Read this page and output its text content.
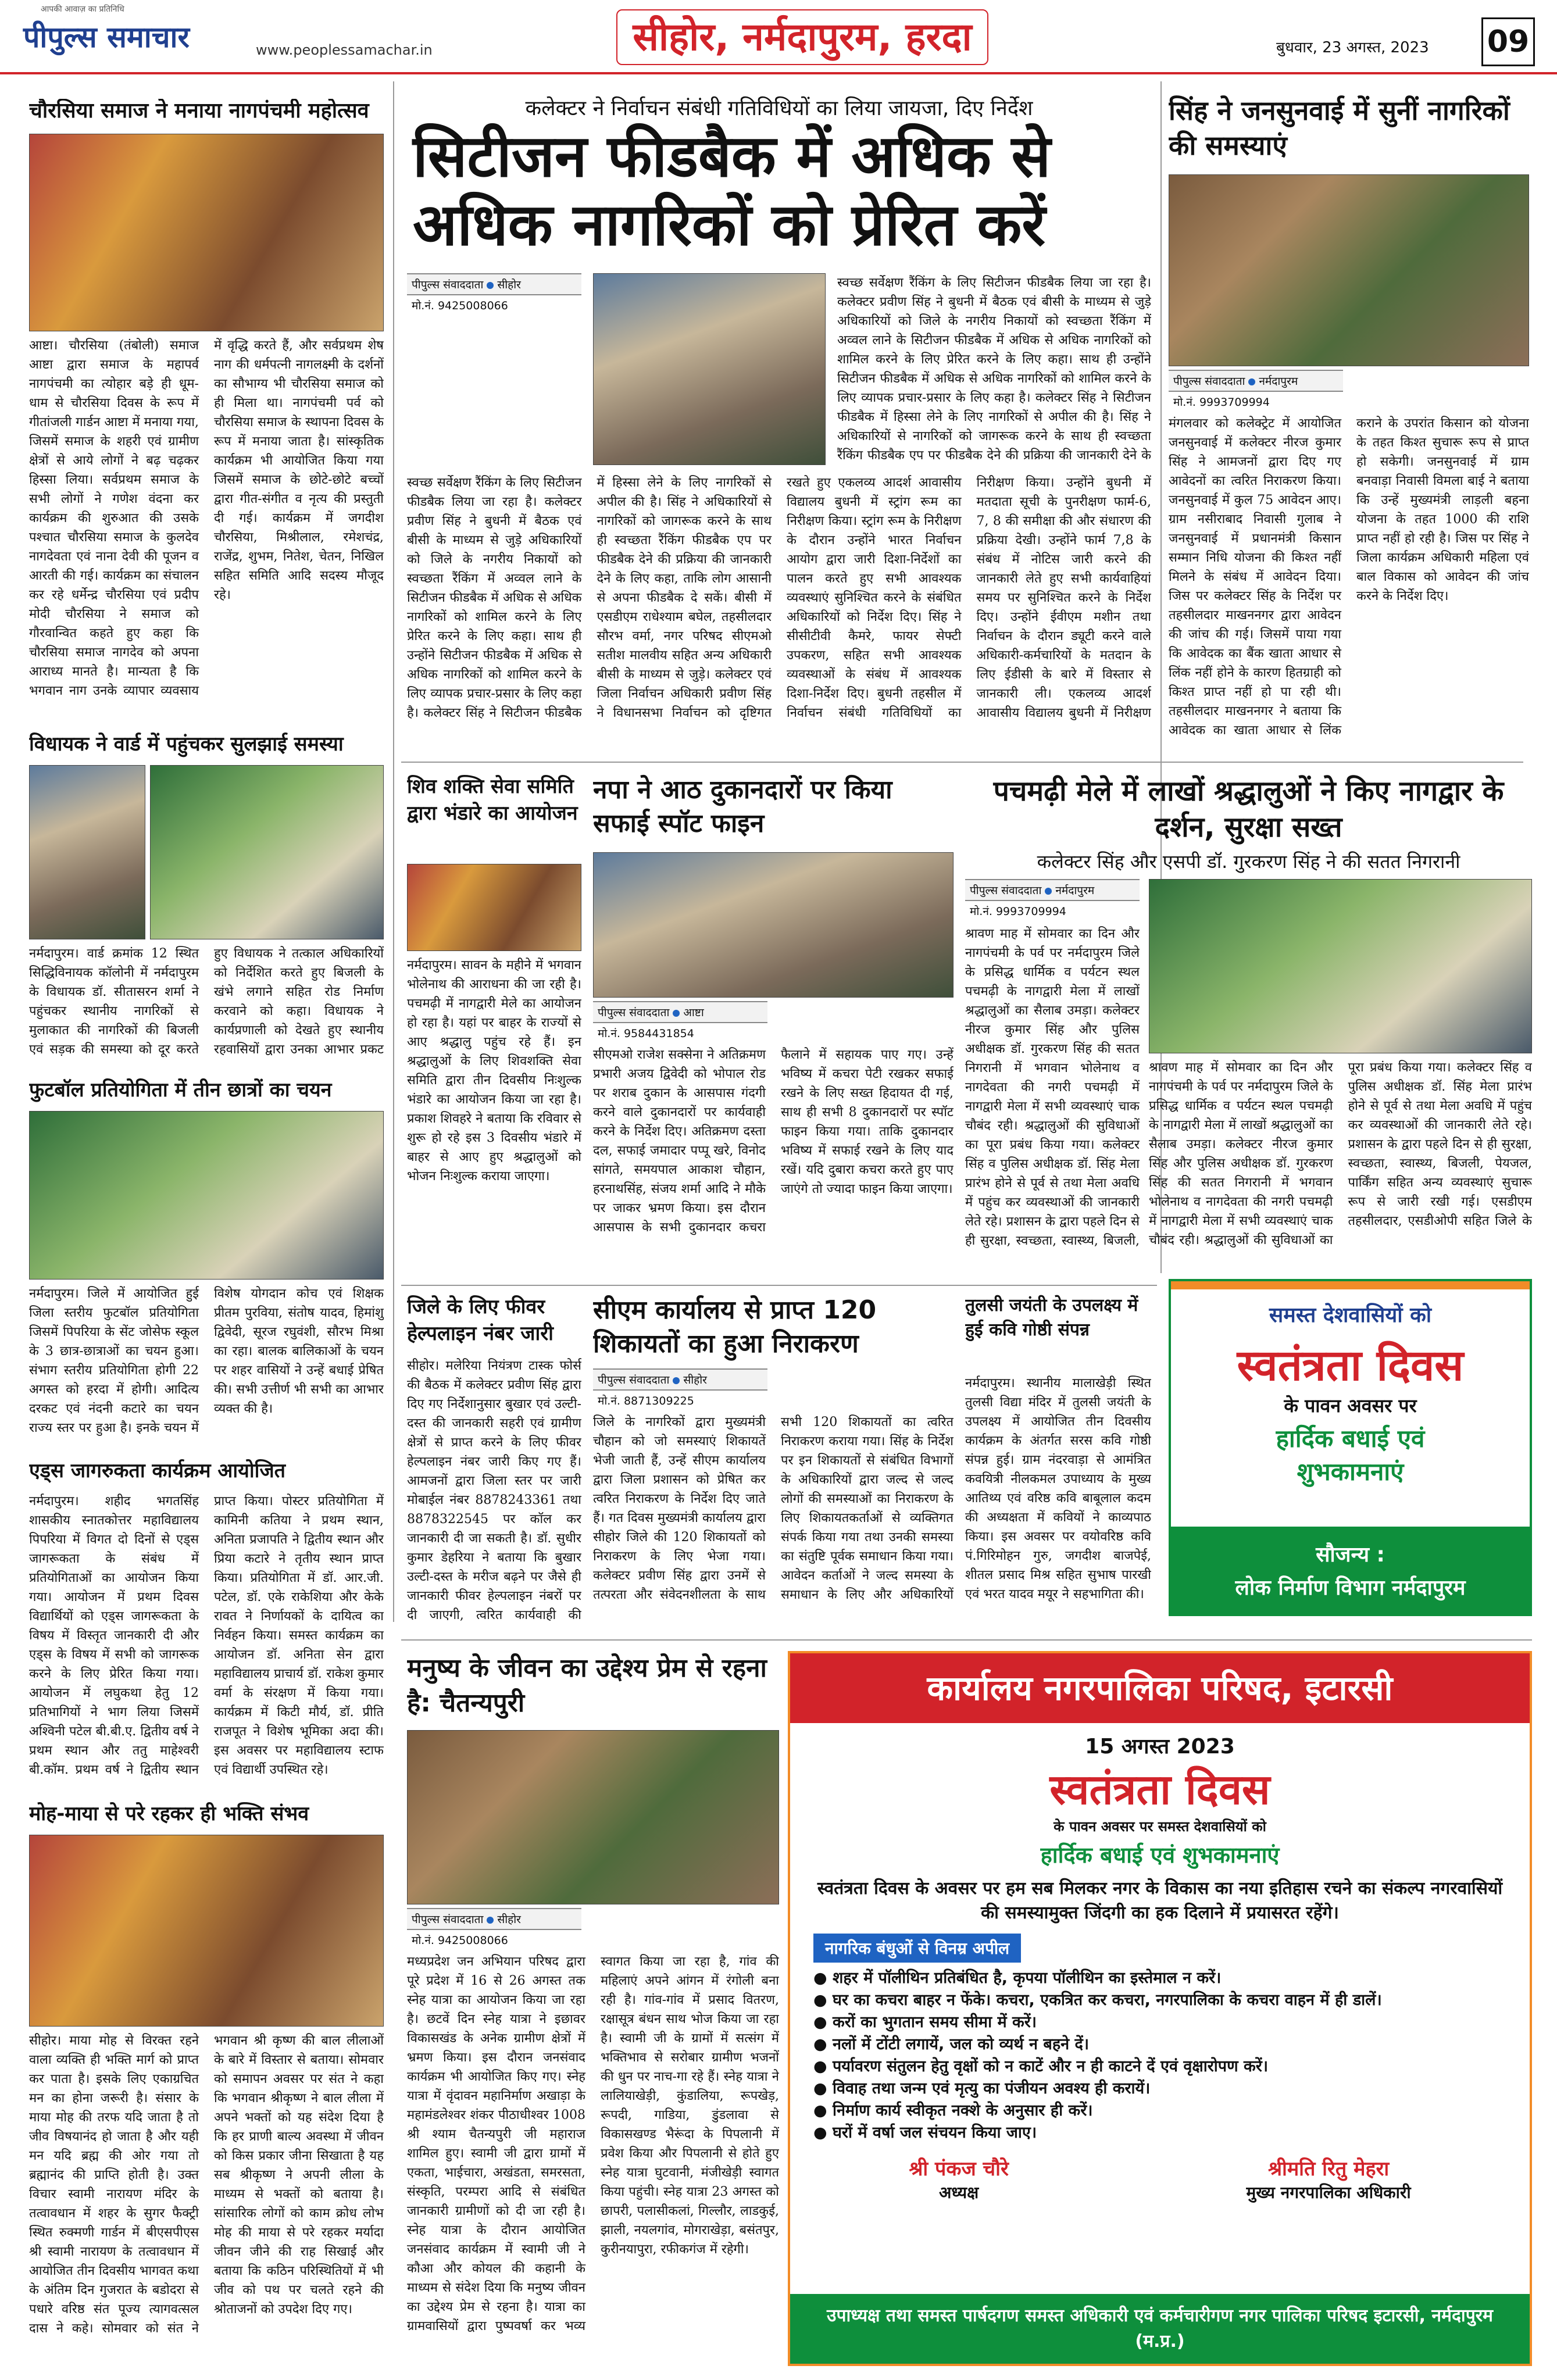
पीपुल्स समाचार
आपकी आवाज़ का प्रतिनिधि
www.peoplessamachar.in	सीहोर, नर्मदापुरम, हरदा	बुधवार, 23 अगस्त, 2023 09
चौरसिया समाज ने मनाया नागपंचमी महोत्सव
आष्टा। चौरसिया (तंबोली) समाज आष्टा द्वारा समाज के महापर्व नागपंचमी का त्योहार बड़े ही धूम-धाम से चौरसिया दिवस के रूप में गीतांजली गार्डन आष्टा में मनाया गया, जिसमें समाज के शहरी एवं ग्रामीण क्षेत्रों से आये लोगों ने बढ़ चढ़कर हिस्सा लिया। सर्वप्रथम समाज के सभी लोगों ने गणेश वंदना कर कार्यक्रम की शुरुआत की उसके पश्चात चौरसिया समाज के कुलदेव नागदेवता एवं नाना देवी की पूजन व आरती की गई। कार्यक्रम का संचालन कर रहे धर्मेन्द्र चौरसिया एवं प्रदीप मोदी चौरसिया ने समाज को गौरवान्वित कहते हुए कहा कि चौरसिया समाज नागदेव को अपना आराध्य मानते है। मान्यता है कि भगवान नाग उनके व्यापार व्यवसाय में वृद्धि करते हैं, और सर्वप्रथम शेष नाग की धर्मपत्नी नागलक्ष्मी के दर्शनों का सौभाग्य भी चौरसिया समाज को ही मिला था। नागपंचमी पर्व को चौरसिया समाज के स्थापना दिवस के रूप में मनाया जाता है। सांस्कृतिक कार्यक्रम भी आयोजित किया गया जिसमें समाज के छोटे-छोटे बच्चों द्वारा गीत-संगीत व नृत्य की प्रस्तुती दी गई। कार्यक्रम में जगदीश चौरसिया, मिश्रीलाल, रमेशचंद्र, राजेंद्र, शुभम, नितेश, चेतन, निखिल सहित समिति आदि सदस्य मौजूद रहे।
विधायक ने वार्ड में पहुंचकर सुलझाई समस्या
नर्मदापुरम। वार्ड क्रमांक 12 स्थित सिद्धिविनायक कॉलोनी में नर्मदापुरम के विधायक डॉ. सीतासरन शर्मा ने पहुंचकर स्थानीय नागरिकों से मुलाकात की नागरिकों की बिजली एवं सड़क की समस्या को दूर करते हुए विधायक ने तत्काल अधिकारियों को निर्देशित करते हुए बिजली के खंभे लगाने सहित रोड निर्माण करवाने को कहा। विधायक ने कार्यप्रणाली को देखते हुए स्थानीय रहवासियों द्वारा उनका आभार प्रकट
फुटबॉल प्रतियोगिता में तीन छात्रों का चयन
नर्मदापुरम। जिले में आयोजित हुई जिला स्तरीय फुटबॉल प्रतियोगिता जिसमें पिपरिया के सेंट जोसेफ स्कूल के 3 छात्र-छात्राओं का चयन हुआ। संभाग स्तरीय प्रतियोगिता होगी 22 अगस्त को हरदा में होगी। आदित्य दरकट एवं नंदनी कटारे का चयन राज्य स्तर पर हुआ है। इनके चयन में विशेष योगदान कोच एवं शिक्षक प्रीतम पुरविया, संतोष यादव, हिमांशु द्विवेदी, सूरज रघुवंशी, सौरभ मिश्रा का रहा। बालक बालिकाओं के चयन पर शहर वासियों ने उन्हें बधाई प्रेषित की। सभी उत्तीर्ण भी सभी का आभार व्यक्त की है।
एड्स जागरुकता कार्यक्रम आयोजित
नर्मदापुरम। शहीद भगतसिंह शासकीय स्नातकोत्तर महाविद्यालय पिपरिया में विगत दो दिनों से एड्स जागरूकता के संबंध में प्रतियोगिताओं का आयोजन किया गया। आयोजन में प्रथम दिवस विद्यार्थियों को एड्स जागरूकता के विषय में विस्तृत जानकारी दी और एड्स के विषय में सभी को जागरूक करने के लिए प्रेरित किया गया। आयोजन में लघुकथा हेतु 12 प्रतिभागियों ने भाग लिया जिसमें अश्विनी पटेल बी.बी.ए. द्वितीय वर्ष ने प्रथम स्थान और ततु माहेश्वरी बी.कॉम. प्रथम वर्ष ने द्वितीय स्थान प्राप्त किया। पोस्टर प्रतियोगिता में कामिनी कतिया ने प्रथम स्थान, अनिता प्रजापति ने द्वितीय स्थान और प्रिया कटारे ने तृतीय स्थान प्राप्त किया। प्रतियोगिता में डॉ. आर.जी. पटेल, डॉ. एके राकेशिया और केके रावत ने निर्णायकों के दायित्व का निर्वहन किया। समस्त कार्यक्रम का आयोजन डॉ. अनिता सेन द्वारा महाविद्यालय प्राचार्य डॉ. राकेश कुमार वर्मा के संरक्षण में किया गया। कार्यक्रम में किटी मौर्य, डॉ. प्रीति राजपूत ने विशेष भूमिका अदा की। इस अवसर पर महाविद्यालय स्टाफ एवं विद्यार्थी उपस्थित रहे।
मोह-माया से परे रहकर ही भक्ति संभव
सीहोर। माया मोह से विरक्त रहने वाला व्यक्ति ही भक्ति मार्ग को प्राप्त कर पाता है। इसके लिए एकाग्रचित मन का होना जरूरी है। संसार के माया मोह की तरफ यदि जाता है तो जीव विषयानंद हो जाता है और यही मन यदि ब्रह्म की ओर गया तो ब्रह्मानंद की प्राप्ति होती है। उक्त विचार स्वामी नारायण मंदिर के तत्वावधान में शहर के सुगर फैक्ट्री स्थित रुक्मणी गार्डन में बीएसपीएस श्री स्वामी नारायण के तत्वावधान में आयोजित तीन दिवसीय भागवत कथा के अंतिम दिन गुजरात के बडोदरा से पधारे वरिष्ठ संत पूज्य त्यागवत्सल दास ने कहे। सोमवार को संत ने भगवान श्री कृष्ण की बाल लीलाओं के बारे में विस्तार से बताया। सोमवार को समापन अवसर पर संत ने कहा कि भगवान श्रीकृष्ण ने बाल लीला में अपने भक्तों को यह संदेश दिया है कि हर प्राणी बाल्य अवस्था में जीवन को किस प्रकार जीना सिखाता है यह सब श्रीकृष्ण ने अपनी लीला के माध्यम से भक्तों को बताया है। सांसारिक लोगों को काम क्रोध लोभ मोह की माया से परे रहकर मर्यादा जीवन जीने की राह सिखाई और बताया कि कठिन परिस्थितियों में भी जीव को पथ पर चलते रहने की श्रोताजनों को उपदेश दिए गए।
कलेक्टर ने निर्वाचन संबंधी गतिविधियों का लिया जायजा, दिए निर्देश
सिटीजन फीडबैक में अधिक से अधिक नागरिकों को प्रेरित करें
पीपुल्स संवाददाता सीहोर
मो.नं. 9425008066
स्वच्छ सर्वेक्षण रैंकिंग के लिए सिटीजन फीडबैक लिया जा रहा है। कलेक्टर प्रवीण सिंह ने बुधनी में बैठक एवं बीसी के माध्यम से जुड़े अधिकारियों को जिले के नगरीय निकायों को स्वच्छता रैंकिंग में अव्वल लाने के सिटीजन फीडबैक में अधिक से अधिक नागरिकों को शामिल करने के लिए प्रेरित करने के लिए कहा। साथ ही उन्होंने सिटीजन फीडबैक में अधिक से अधिक नागरिकों को शामिल करने के लिए व्यापक प्रचार-प्रसार के लिए कहा है। कलेक्टर सिंह ने सिटीजन फीडबैक में हिस्सा लेने के लिए नागरिकों से अपील की है। सिंह ने अधिकारियों से नागरिकों को जागरूक करने के साथ ही स्वच्छता रैंकिंग फीडबैक एप पर फीडबैक देने की प्रक्रिया की जानकारी देने के
स्वच्छ सर्वेक्षण रैंकिंग के लिए सिटीजन फीडबैक लिया जा रहा है। कलेक्टर प्रवीण सिंह ने बुधनी में बैठक एवं बीसी के माध्यम से जुड़े अधिकारियों को जिले के नगरीय निकायों को स्वच्छता रैंकिंग में अव्वल लाने के सिटीजन फीडबैक में अधिक से अधिक नागरिकों को शामिल करने के लिए प्रेरित करने के लिए कहा। साथ ही उन्होंने सिटीजन फीडबैक में अधिक से अधिक नागरिकों को शामिल करने के लिए व्यापक प्रचार-प्रसार के लिए कहा है। कलेक्टर सिंह ने सिटीजन फीडबैक में हिस्सा लेने के लिए नागरिकों से अपील की है। सिंह ने अधिकारियों से नागरिकों को जागरूक करने के साथ ही स्वच्छता रैंकिंग फीडबैक एप पर फीडबैक देने की प्रक्रिया की जानकारी देने के लिए कहा, ताकि लोग आसानी से अपना फीडबैक दे सकें। बीसी में एसडीएम राधेश्याम बघेल, तहसीलदार सौरभ वर्मा, नगर परिषद सीएमओ सतीश मालवीय सहित अन्य अधिकारी बीसी के माध्यम से जुड़े। कलेक्टर एवं जिला निर्वाचन अधिकारी प्रवीण सिंह ने विधानसभा निर्वाचन को दृष्टिगत रखते हुए एकलव्य आदर्श आवासीय विद्यालय बुधनी में स्ट्रांग रूम का निरीक्षण किया। स्ट्रांग रूम के निरीक्षण के दौरान उन्होंने भारत निर्वाचन आयोग द्वारा जारी दिशा-निर्देशों का पालन करते हुए सभी आवश्यक व्यवस्थाएं सुनिश्चित करने के संबंधित अधिकारियों को निर्देश दिए। सिंह ने सीसीटीवी कैमरे, फायर सेफ्टी उपकरण, सहित सभी आवश्यक व्यवस्थाओं के संबंध में आवश्यक दिशा-निर्देश दिए। बुधनी तहसील में निर्वाचन संबंधी गतिविधियों का निरीक्षण किया। उन्होंने बुधनी में मतदाता सूची के पुनरीक्षण फार्म-6, 7, 8 की समीक्षा की और संधारण की प्रक्रिया देखी। उन्होंने फार्म 7,8 के संबंध में नोटिस जारी करने की जानकारी लेते हुए सभी कार्यवाहियां समय पर सुनिश्चित करने के निर्देश दिए। उन्होंने ईवीएम मशीन तथा निर्वाचन के दौरान ड्यूटी करने वाले अधिकारी-कर्मचारियों के मतदान के लिए ईडीसी के बारे में विस्तार से जानकारी ली। एकलव्य आदर्श आवासीय विद्यालय बुधनी में निरीक्षण
सिंह ने जनसुनवाई में सुनीं नागरिकों की समस्याएं
पीपुल्स संवाददाता नर्मदापुरम
मो.नं. 9993709994
मंगलवार को कलेक्ट्रेट में आयोजित जनसुनवाई में कलेक्टर नीरज कुमार सिंह ने आमजनों द्वारा दिए गए आवेदनों का त्वरित निराकरण किया। जनसुनवाई में कुल 75 आवेदन आए। ग्राम नसीराबाद निवासी गुलाब ने जनसुनवाई में प्रधानमंत्री किसान सम्मान निधि योजना की किश्त नहीं मिलने के संबंध में आवेदन दिया। जिस पर कलेक्टर सिंह के निर्देश पर तहसीलदार माखननगर द्वारा आवेदन की जांच की गई। जिसमें पाया गया कि आवेदक का बैंक खाता आधार से लिंक नहीं होने के कारण हितग्राही को किश्त प्राप्त नहीं हो पा रही थी। तहसीलदार माखननगर ने बताया कि आवेदक का खाता आधार से लिंक कराने के उपरांत किसान को योजना के तहत किश्त सुचारू रूप से प्राप्त हो सकेगी। जनसुनवाई में ग्राम बनवाड़ा निवासी विमला बाई ने बताया कि उन्हें मुख्यमंत्री लाड़ली बहना योजना के तहत 1000 की राशि प्राप्त नहीं हो रही है। जिस पर सिंह ने जिला कार्यक्रम अधिकारी महिला एवं बाल विकास को आवेदन की जांच करने के निर्देश दिए।
शिव शक्ति सेवा समिति द्वारा भंडारे का आयोजन
नर्मदापुरम। सावन के महीने में भगवान भोलेनाथ की आराधना की जा रही है। पचमढ़ी में नागद्वारी मेले का आयोजन हो रहा है। यहां पर बाहर के राज्यों से आए श्रद्धालु पहुंच रहे हैं। इन श्रद्धालुओं के लिए शिवशक्ति सेवा समिति द्वारा तीन दिवसीय निःशुल्क भंडारे का आयोजन किया जा रहा है। प्रकाश शिवहरे ने बताया कि रविवार से शुरू हो रहे इस 3 दिवसीय भंडारे में बाहर से आए हुए श्रद्धालुओं को भोजन निःशुल्क कराया जाएगा।
नपा ने आठ दुकानदारों पर किया सफाई स्पॉट फाइन
पीपुल्स संवाददाता आष्टा
मो.नं. 9584431854
सीएमओ राजेश सक्सेना ने अतिक्रमण प्रभारी अजय द्विवेदी को भोपाल रोड पर शराब दुकान के आसपास गंदगी करने वाले दुकानदारों पर कार्यवाही करने के निर्देश दिए। अतिक्रमण दस्ता दल, सफाई जमादार पप्पू खरे, विनोद सांगते, समयपाल आकाश चौहान, हरनाथसिंह, संजय शर्मा आदि ने मौके पर जाकर भ्रमण किया। इस दौरान आसपास के सभी दुकानदार कचरा फैलाने में सहायक पाए गए। उन्हें भविष्य में कचरा पेटी रखकर सफाई रखने के लिए सख्त हिदायत दी गई, साथ ही सभी 8 दुकानदारों पर स्पॉट फाइन किया गया। ताकि दुकानदार भविष्य में सफाई रखने के लिए याद रखें। यदि दुबारा कचरा करते हुए पाए जाएंगे तो ज्यादा फाइन किया जाएगा।
पचमढ़ी मेले में लाखों श्रद्धालुओं ने किए नागद्वार के दर्शन, सुरक्षा सख्त
कलेक्टर सिंह और एसपी डॉ. गुरकरण सिंह ने की सतत निगरानी
पीपुल्स संवाददाता नर्मदापुरम
मो.नं. 9993709994
श्रावण माह में सोमवार का दिन और नागपंचमी के पर्व पर नर्मदापुरम जिले के प्रसिद्ध धार्मिक व पर्यटन स्थल पचमढ़ी के नागद्वारी मेला में लाखों श्रद्धालुओं का सैलाब उमड़ा। कलेक्टर नीरज कुमार सिंह और पुलिस अधीक्षक डॉ. गुरकरण सिंह की सतत निगरानी में भगवान भोलेनाथ व नागदेवता की नगरी पचमढ़ी में नागद्वारी मेला में सभी व्यवस्थाएं चाक चौबंद रही। श्रद्धालुओं की सुविधाओं का पूरा प्रबंध किया गया। कलेक्टर सिंह व पुलिस अधीक्षक डॉ. सिंह मेला प्रारंभ होने से पूर्व से तथा मेला अवधि में पहुंच कर व्यवस्थाओं की जानकारी लेते रहे। प्रशासन के द्वारा पहले दिन से ही सुरक्षा, स्वच्छता, स्वास्थ्य, बिजली,
श्रावण माह में सोमवार का दिन और नागपंचमी के पर्व पर नर्मदापुरम जिले के प्रसिद्ध धार्मिक व पर्यटन स्थल पचमढ़ी के नागद्वारी मेला में लाखों श्रद्धालुओं का सैलाब उमड़ा। कलेक्टर नीरज कुमार सिंह और पुलिस अधीक्षक डॉ. गुरकरण सिंह की सतत निगरानी में भगवान भोलेनाथ व नागदेवता की नगरी पचमढ़ी में नागद्वारी मेला में सभी व्यवस्थाएं चाक चौबंद रही। श्रद्धालुओं की सुविधाओं का पूरा प्रबंध किया गया। कलेक्टर सिंह व पुलिस अधीक्षक डॉ. सिंह मेला प्रारंभ होने से पूर्व से तथा मेला अवधि में पहुंच कर व्यवस्थाओं की जानकारी लेते रहे। प्रशासन के द्वारा पहले दिन से ही सुरक्षा, स्वच्छता, स्वास्थ्य, बिजली, पेयजल, पार्किंग सहित अन्य व्यवस्थाएं सुचारू रूप से जारी रखी गई। एसडीएम तहसीलदार, एसडीओपी सहित जिले के
जिले के लिए फीवर हेल्पलाइन नंबर जारी
सीहोर। मलेरिया नियंत्रण टास्क फोर्स की बैठक में कलेक्टर प्रवीण सिंह द्वारा दिए गए निर्देशानुसार बुखार एवं उल्टी-दस्त की जानकारी सहरी एवं ग्रामीण क्षेत्रों से प्राप्त करने के लिए फीवर हेल्पलाइन नंबर जारी किए गए हैं। आमजनों द्वारा जिला स्तर पर जारी मोबाईल नंबर 8878243361 तथा 8878322545 पर कॉल कर जानकारी दी जा सकती है। डॉ. सुधीर कुमार डेहरिया ने बताया कि बुखार उल्टी-दस्त के मरीज बढ़ने पर जैसे ही जानकारी फीवर हेल्पलाइन नंबरों पर दी जाएगी, त्वरित कार्यवाही की
सीएम कार्यालय से प्राप्त 120 शिकायतों का हुआ निराकरण
पीपुल्स संवाददाता सीहोर
मो.नं. 8871309225
जिले के नागरिकों द्वारा मुख्यमंत्री चौहान को जो समस्याएं शिकायतें भेजी जाती हैं, उन्हें सीएम कार्यालय द्वारा जिला प्रशासन को प्रेषित कर त्वरित निराकरण के निर्देश दिए जाते हैं। गत दिवस मुख्यमंत्री कार्यालय द्वारा सीहोर जिले की 120 शिकायतों को निराकरण के लिए भेजा गया। कलेक्टर प्रवीण सिंह द्वारा उनमें से तत्परता और संवेदनशीलता के साथ सभी 120 शिकायतों का त्वरित निराकरण कराया गया। सिंह के निर्देश पर इन शिकायतों से संबंधित विभागों के अधिकारियों द्वारा जल्द से जल्द लोगों की समस्याओं का निराकरण के लिए शिकायतकर्ताओं से व्यक्तिगत संपर्क किया गया तथा उनकी समस्या का संतुष्टि पूर्वक समाधान किया गया। आवेदन कर्ताओं ने जल्द समस्या के समाधान के लिए और अधिकारियों
तुलसी जयंती के उपलक्ष्य में हुई कवि गोष्ठी संपन्न
नर्मदापुरम। स्थानीय मालाखेड़ी स्थित तुलसी विद्या मंदिर में तुलसी जयंती के उपलक्ष्य में आयोजित तीन दिवसीय कार्यक्रम के अंतर्गत सरस कवि गोष्ठी संपन्न हुई। ग्राम नंदरवाड़ा से आमंत्रित कवयित्री नीलकमल उपाध्याय के मुख्य आतिथ्य एवं वरिष्ठ कवि बाबूलाल कदम की अध्यक्षता में कवियों ने काव्यपाठ किया। इस अवसर पर वयोवरिष्ठ कवि पं.गिरिमोहन गुरु, जगदीश बाजपेई, शीतल प्रसाद मिश्र सहित सुभाष पारखी एवं भरत यादव मयूर ने सहभागिता की।
समस्त देशवासियों को
स्वतंत्रता दिवस
के पावन अवसर पर
हार्दिक बधाई एवं
शुभकामनाएं
सौजन्य :
लोक निर्माण विभाग नर्मदापुरम
मनुष्य के जीवन का उद्देश्य प्रेम से रहना है: चैतन्यपुरी
पीपुल्स संवाददाता सीहोर
मो.नं. 9425008066
मध्यप्रदेश जन अभियान परिषद द्वारा पूरे प्रदेश में 16 से 26 अगस्त तक स्नेह यात्रा का आयोजन किया जा रहा है। छटवें दिन स्नेह यात्रा ने इछावर विकासखंड के अनेक ग्रामीण क्षेत्रों में भ्रमण किया। इस दौरान जनसंवाद कार्यक्रम भी आयोजित किए गए। स्नेह यात्रा में वृंदावन महानिर्माण अखाड़ा के महामंडलेश्वर शंकर पीठाधीश्वर 1008 श्री श्याम चैतन्यपुरी जी महाराज शामिल हुए। स्वामी जी द्वारा ग्रामों में एकता, भाईचारा, अखंडता, समरसता, संस्कृति, परम्परा आदि से संबंधित जानकारी ग्रामीणों को दी जा रही है। स्नेह यात्रा के दौरान आयोजित जनसंवाद कार्यक्रम में स्वामी जी ने कौआ और कोयल की कहानी के माध्यम से संदेश दिया कि मनुष्य जीवन का उद्देश्य प्रेम से रहना है। यात्रा का ग्रामवासियों द्वारा पुष्पवर्षा कर भव्य स्वागत किया जा रहा है, गांव की महिलाएं अपने आंगन में रंगोली बना रही है। गांव-गांव में प्रसाद वितरण, रक्षासूत्र बंधन साथ भोज किया जा रहा है। स्वामी जी के ग्रामों में सत्संग में भक्तिभाव से सरोबार ग्रामीण भजनों की धुन पर नाच-गा रहे हैं। स्नेह यात्रा ने लालियाखेड़ी, कुंडालिया, रूपखेड़, रूपदी, गाडिया, डुंडलावा से विकासखण्ड भैरूंदा के पिपलानी में प्रवेश किया और पिपलानी से होते हुए स्नेह यात्रा घुटवानी, मंजीखेड़ी स्वागत किया पहुंची। स्नेह यात्रा 23 अगस्त को छापरी, पलासीकलां, गिल्लौर, लाडकुई, झाली, नयलगांव, मोगराखेड़ा, बसंतपुर, कुरीनयापुरा, रफीकगंज में रहेगी।
कार्यालय नगरपालिका परिषद, इटारसी
15 अगस्त 2023
स्वतंत्रता दिवस
के पावन अवसर पर समस्त देशवासियों को
हार्दिक बधाई एवं शुभकामनाएं
स्वतंत्रता दिवस के अवसर पर हम सब मिलकर नगर के विकास का नया इतिहास रचने का संकल्प नगरवासियों की समस्यामुक्त जिंदगी का हक दिलाने में प्रयासरत रहेंगे।
नागरिक बंधुओं से विनम्र अपील
● शहर में पॉलीथिन प्रतिबंधित है, कृपया पॉलीथिन का इस्तेमाल न करें।
● घर का कचरा बाहर न फेंके। कचरा, एकत्रित कर कचरा, नगरपालिका के कचरा वाहन में ही डालें।
● करों का भुगतान समय सीमा में करें।
● नलों में टोंटी लगायें, जल को व्यर्थ न बहने दें।
● पर्यावरण संतुलन हेतु वृक्षों को न काटें और न ही काटने दें एवं वृक्षारोपण करें।
● विवाह तथा जन्म एवं मृत्यु का पंजीयन अवश्य ही करायें।
● निर्माण कार्य स्वीकृत नक्शे के अनुसार ही करें।
● घरों में वर्षा जल संचयन किया जाए।
श्री पंकज चौरे
अध्यक्ष
श्रीमति रितु मेहरा
मुख्य नगरपालिका अधिकारी
उपाध्यक्ष तथा समस्त पार्षदगण समस्त अधिकारी एवं कर्मचारीगण नगर पालिका परिषद इटारसी, नर्मदापुरम (म.प्र.)
